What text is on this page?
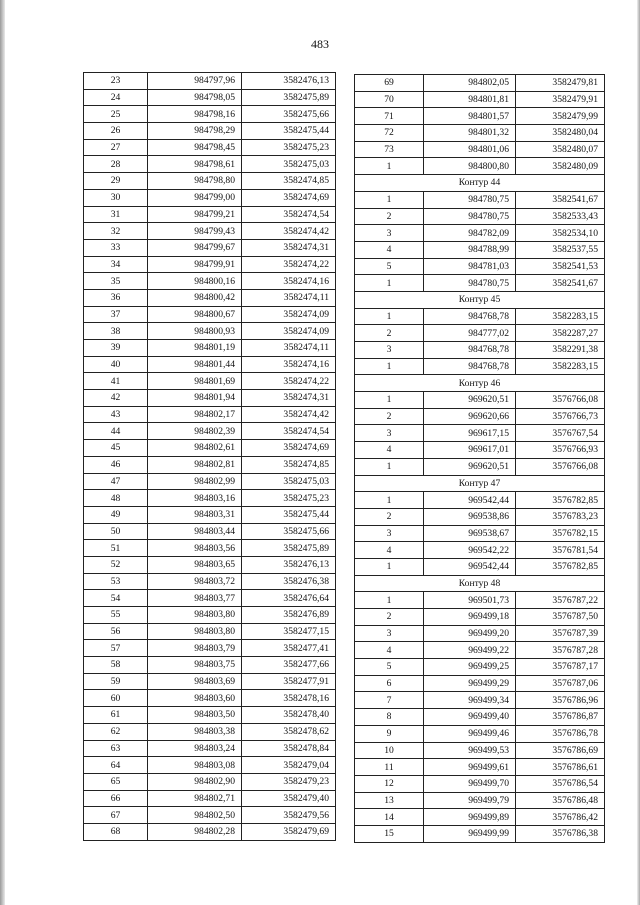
483
23	984797,96	3582476,13
24	984798,05	3582475,89
25	984798,16	3582475,66
26	984798,29	3582475,44
27	984798,45	3582475,23
28	984798,61	3582475,03
29	984798,80	3582474,85
30	984799,00	3582474,69
31	984799,21	3582474,54
32	984799,43	3582474,42
33	984799,67	3582474,31
34	984799,91	3582474,22
35	984800,16	3582474,16
36	984800,42	3582474,11
37	984800,67	3582474,09
38	984800,93	3582474,09
39	984801,19	3582474,11
40	984801,44	3582474,16
41	984801,69	3582474,22
42	984801,94	3582474,31
43	984802,17	3582474,42
44	984802,39	3582474,54
45	984802,61	3582474,69
46	984802,81	3582474,85
47	984802,99	3582475,03
48	984803,16	3582475,23
49	984803,31	3582475,44
50	984803,44	3582475,66
51	984803,56	3582475,89
52	984803,65	3582476,13
53	984803,72	3582476,38
54	984803,77	3582476,64
55	984803,80	3582476,89
56	984803,80	3582477,15
57	984803,79	3582477,41
58	984803,75	3582477,66
59	984803,69	3582477,91
60	984803,60	3582478,16
61	984803,50	3582478,40
62	984803,38	3582478,62
63	984803,24	3582478,84
64	984803,08	3582479,04
65	984802,90	3582479,23
66	984802,71	3582479,40
67	984802,50	3582479,56
68	984802,28	3582479,69
69	984802,05	3582479,81
70	984801,81	3582479,91
71	984801,57	3582479,99
72	984801,32	3582480,04
73	984801,06	3582480,07
1	984800,80	3582480,09
Контур 44		
1	984780,75	3582541,67
2	984780,75	3582533,43
3	984782,09	3582534,10
4	984788,99	3582537,55
5	984781,03	3582541,53
1	984780,75	3582541,67
Контур 45		
1	984768,78	3582283,15
2	984777,02	3582287,27
3	984768,78	3582291,38
1	984768,78	3582283,15
Контур 46		
1	969620,51	3576766,08
2	969620,66	3576766,73
3	969617,15	3576767,54
4	969617,01	3576766,93
1	969620,51	3576766,08
Контур 47		
1	969542,44	3576782,85
2	969538,86	3576783,23
3	969538,67	3576782,15
4	969542,22	3576781,54
1	969542,44	3576782,85
Контур 48		
1	969501,73	3576787,22
2	969499,18	3576787,50
3	969499,20	3576787,39
4	969499,22	3576787,28
5	969499,25	3576787,17
6	969499,29	3576787,06
7	969499,34	3576786,96
8	969499,40	3576786,87
9	969499,46	3576786,78
10	969499,53	3576786,69
11	969499,61	3576786,61
12	969499,70	3576786,54
13	969499,79	3576786,48
14	969499,89	3576786,42
15	969499,99	3576786,38
